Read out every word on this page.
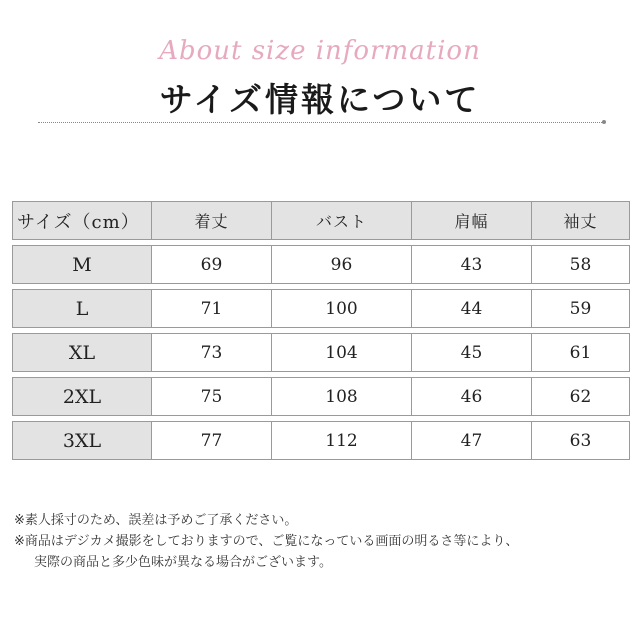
About size information
サイズ情報について
サイズ（cm）	着丈	バスト	肩幅	袖丈
M	69	96	43	58
L	71	100	44	59
XL	73	104	45	61
2XL	75	108	46	62
3XL	77	112	47	63
※素人採寸のため、誤差は予めご了承ください。
※商品はデジカメ撮影をしておりますので、ご覧になっている画面の明るさ等により、
実際の商品と多少色味が異なる場合がございます。
